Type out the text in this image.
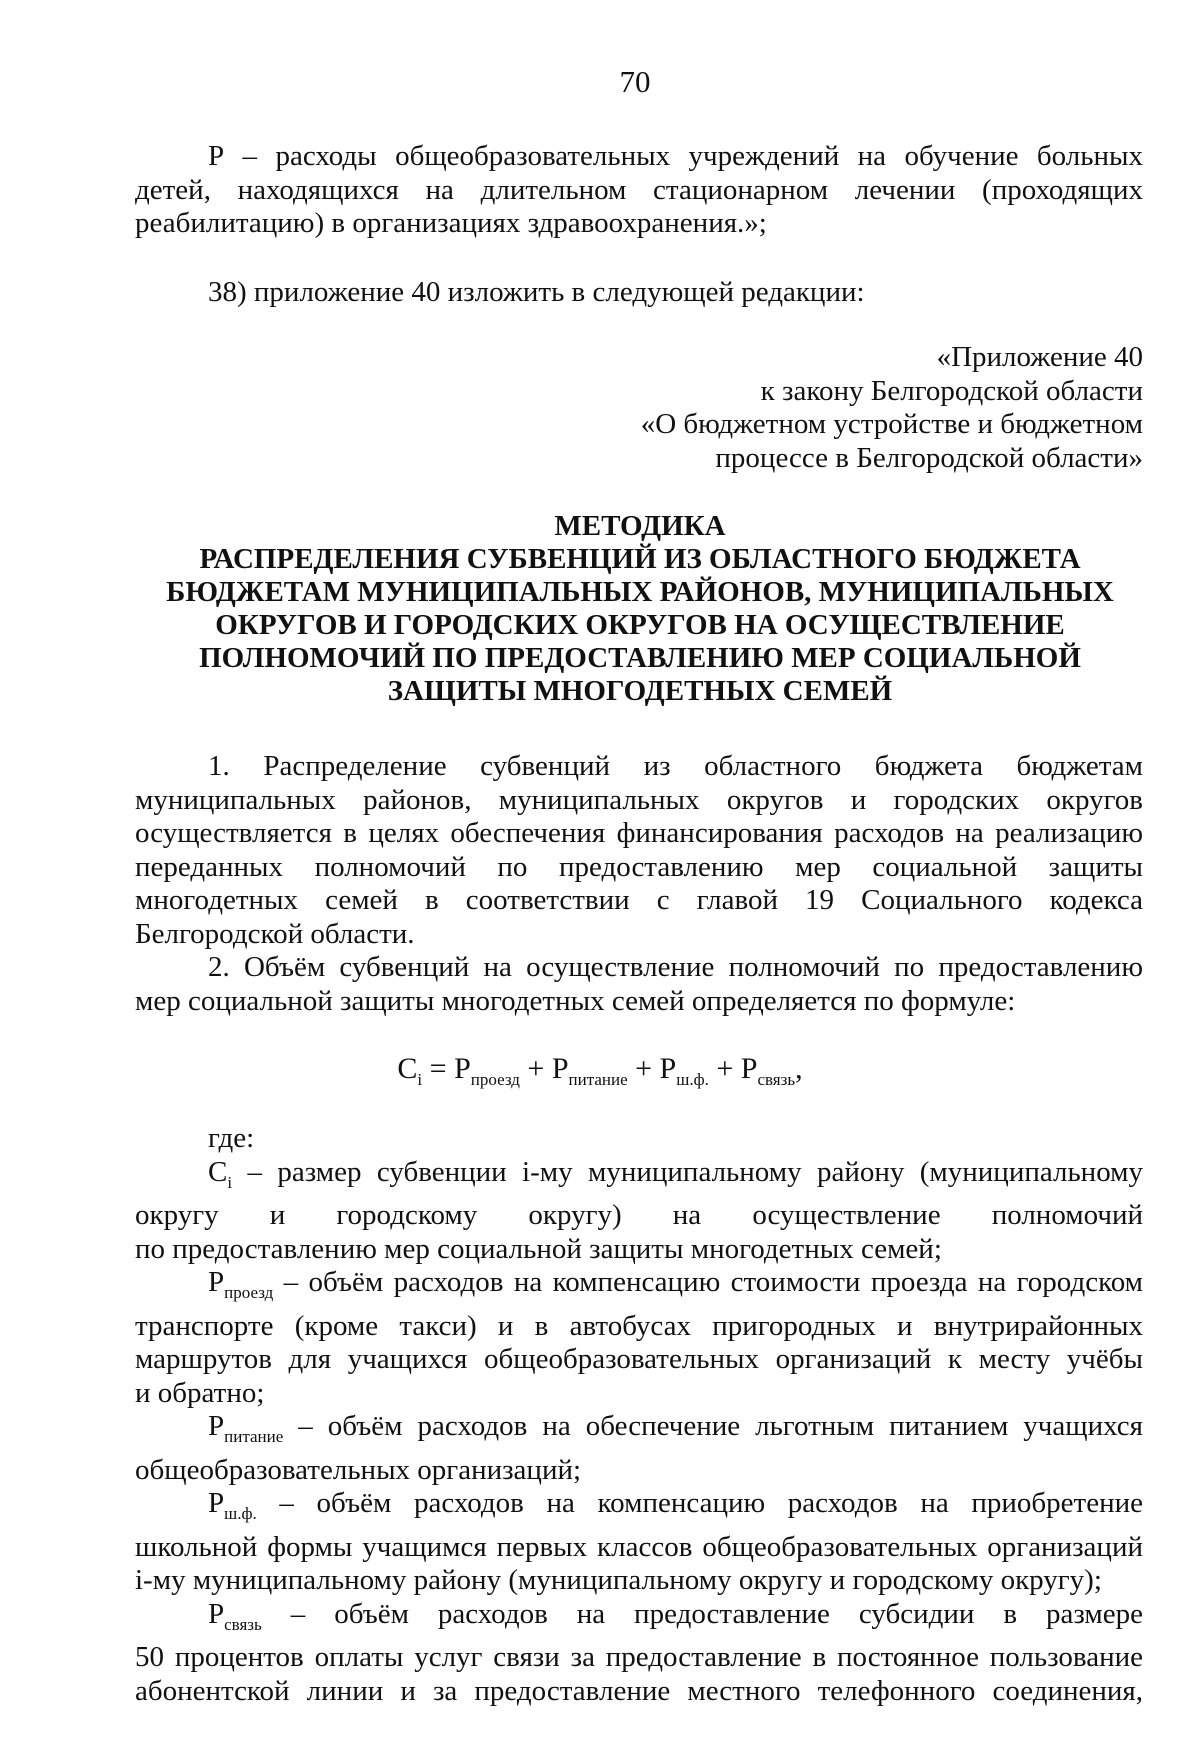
70
Р – расходы общеобразовательных учреждений на обучение больных
детей, находящихся на длительном стационарном лечении (проходящих
реабилитацию) в организациях здравоохранения.»;
38) приложение 40 изложить в следующей редакции:
«Приложение 40
к закону Белгородской области
«О бюджетном устройстве и бюджетном
процессе в Белгородской области»
МЕТОДИКА
РАСПРЕДЕЛЕНИЯ СУБВЕНЦИЙ ИЗ ОБЛАСТНОГО БЮДЖЕТА
БЮДЖЕТАМ МУНИЦИПАЛЬНЫХ РАЙОНОВ, МУНИЦИПАЛЬНЫХ
ОКРУГОВ И ГОРОДСКИХ ОКРУГОВ НА ОСУЩЕСТВЛЕНИЕ
ПОЛНОМОЧИЙ ПО ПРЕДОСТАВЛЕНИЮ МЕР СОЦИАЛЬНОЙ
ЗАЩИТЫ МНОГОДЕТНЫХ СЕМЕЙ
1. Распределение субвенций из областного бюджета бюджетам
муниципальных районов, муниципальных округов и городских округов
осуществляется в целях обеспечения финансирования расходов на реализацию
переданных полномочий по предоставлению мер социальной защиты
многодетных семей в соответствии с главой 19 Социального кодекса
Белгородской области.
2. Объём субвенций на осуществление полномочий по предоставлению
мер социальной защиты многодетных семей определяется по формуле:
$C_i = Р_{проезд} + Р_{питание} + Р_{ш.ф.} + Р_{связь}$,
где:
$C_i$ – размер субвенции i-му муниципальному району (муниципальному
округу и городскому округу) на осуществление полномочий
по предоставлению мер социальной защиты многодетных семей;
$Р_{проезд}$ – объём расходов на компенсацию стоимости проезда на городском
транспорте (кроме такси) и в автобусах пригородных и внутрирайонных
маршрутов для учащихся общеобразовательных организаций к месту учёбы
и обратно;
$Р_{питание}$ – объём расходов на обеспечение льготным питанием учащихся
общеобразовательных организаций;
$Р_{ш.ф.}$ – объём расходов на компенсацию расходов на приобретение
школьной формы учащимся первых классов общеобразовательных организаций
i-му муниципальному району (муниципальному округу и городскому округу);
$Р_{связь}$ – объём расходов на предоставление субсидии в размере
50 процентов оплаты услуг связи за предоставление в постоянное пользование
абонентской линии и за предоставление местного телефонного соединения,
